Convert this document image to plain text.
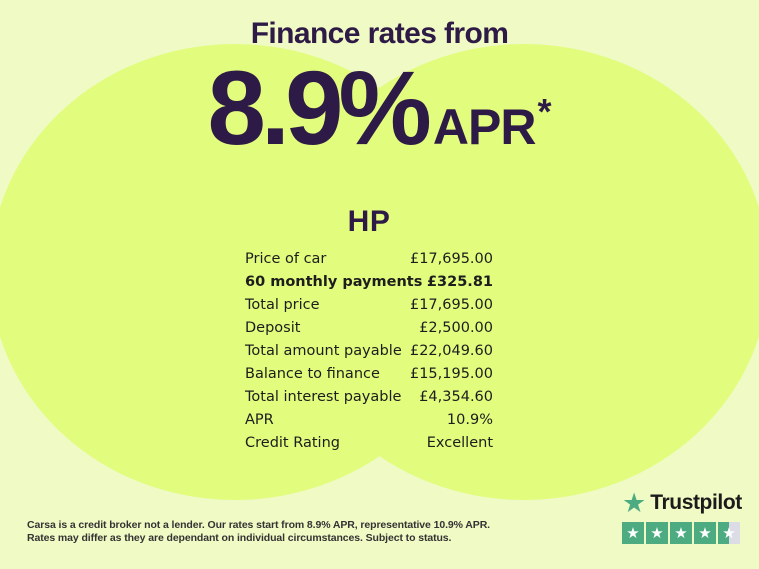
Finance rates from
8.9% APR *
HP
Price of car	£17,695.00
60 monthly payments £325.81
Total price	£17,695.00
Deposit	£2,500.00
Total amount payable £22,049.60
Balance to finance £15,195.00
Total interest payable £4,354.60
APR	10.9%
Credit Rating	Excellent
Carsa is a credit broker not a lender. Our rates start from 8.9% APR, representative 10.9% APR.
Rates may differ as they are dependant on individual circumstances. Subject to status.
★ Trustpilot
★ ★ ★ ★ ★
